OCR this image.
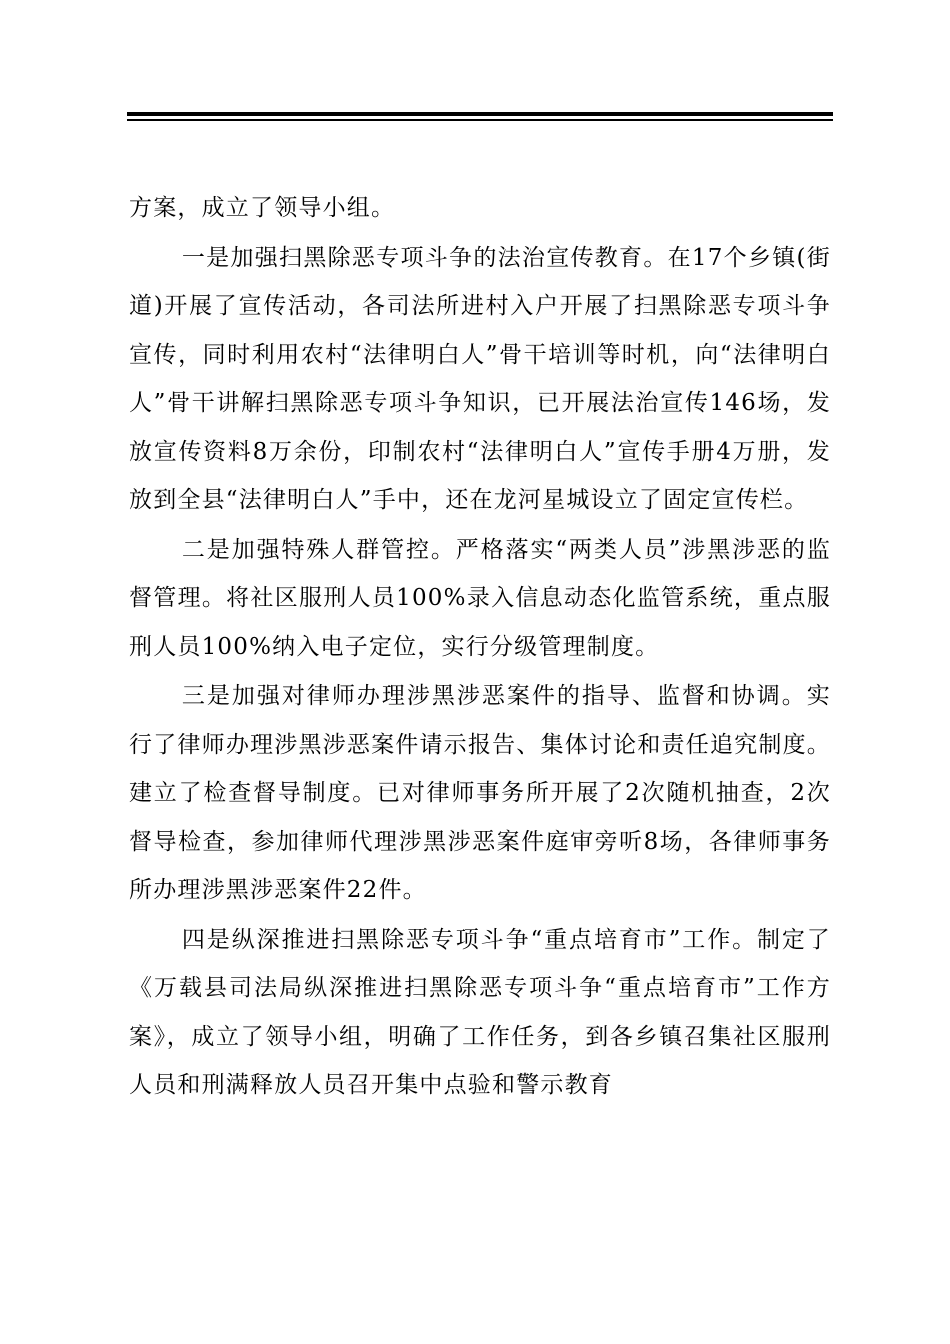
方案，成立了领导小组。

一是加强扫黑除恶专项斗争的法治宣传教育。在17个乡镇(街道)开展了宣传活动，各司法所进村入户开展了扫黑除恶专项斗争宣传，同时利用农村“法律明白人”骨干培训等时机，向“法律明白人”骨干讲解扫黑除恶专项斗争知识，已开展法治宣传146场，发放宣传资料8万余份，印制农村“法律明白人”宣传手册4万册，发放到全县“法律明白人”手中，还在龙河星城设立了固定宣传栏。

二是加强特殊人群管控。严格落实“两类人员”涉黑涉恶的监督管理。将社区服刑人员100%录入信息动态化监管系统，重点服刑人员100%纳入电子定位，实行分级管理制度。

三是加强对律师办理涉黑涉恶案件的指导、监督和协调。实行了律师办理涉黑涉恶案件请示报告、集体讨论和责任追究制度。建立了检查督导制度。已对律师事务所开展了2次随机抽查，2次督导检查，参加律师代理涉黑涉恶案件庭审旁听8场，各律师事务所办理涉黑涉恶案件22件。

四是纵深推进扫黑除恶专项斗争“重点培育市”工作。制定了《万载县司法局纵深推进扫黑除恶专项斗争“重点培育市”工作方案》，成立了领导小组，明确了工作任务，到各乡镇召集社区服刑人员和刑满释放人员召开集中点验和警示教育
